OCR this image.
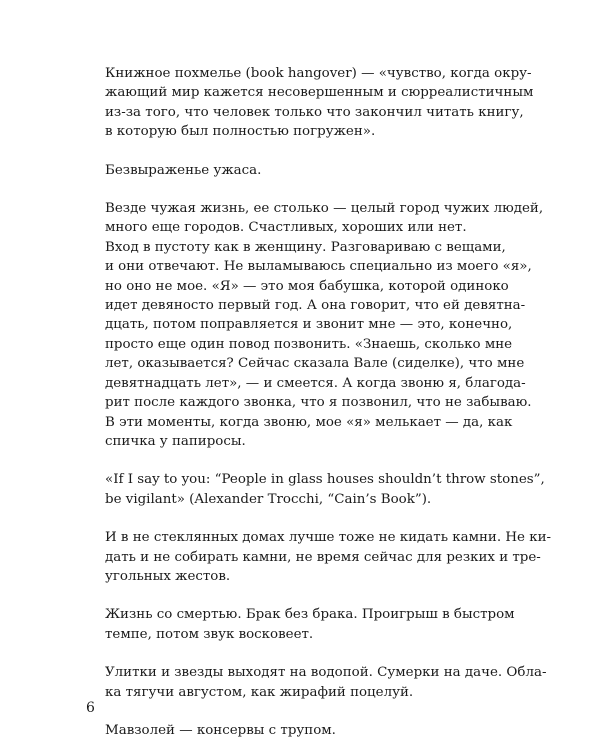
Книжное похмелье (book hangover) — «чувство, когда окру-
жающий мир кажется несовершенным и сюрреалистичным
из-за того, что человек только что закончил читать книгу,
в которую был полностью погружен».

Безвыраженье ужаса.

Везде чужая жизнь, ее столько — целый город чужих людей,
много еще городов. Счастливых, хороших или нет.

Вход в пустоту как в женщину. Разговариваю с вещами,
и они отвечают. Не выламываюсь специально из моего «я»,
но оно не мое. «Я» — это моя бабушка, которой одиноко
идет девяносто первый год. А она говорит, что ей девятна-
дцать, потом поправляется и звонит мне — это, конечно,
просто еще один повод позвонить. «Знаешь, сколько мне
лет, оказывается? Сейчас сказала Вале (сиделке), что мне
девятнадцать лет», — и смеется. А когда звоню я, благода-
рит после каждого звонка, что я позвонил, что не забываю.
В эти моменты, когда звоню, мое «я» мелькает — да, как
спичка у папиросы.

«If I say to you: “People in glass houses shouldn’t throw stones”,
be vigilant» (Alexander Trocchi, “Cain’s Book”).

И в не стеклянных домах лучше тоже не кидать камни. Не ки-
дать и не собирать камни, не время сейчас для резких и тре-
угольных жестов.

Жизнь со смертью. Брак без брака. Проигрыш в быстром
темпе, потом звук восковеет.

Улитки и звезды выходят на водопой. Сумерки на даче. Обла-
ка тягучи августом, как жирафий поцелуй.

Мавзолей — консервы с трупом.

6
